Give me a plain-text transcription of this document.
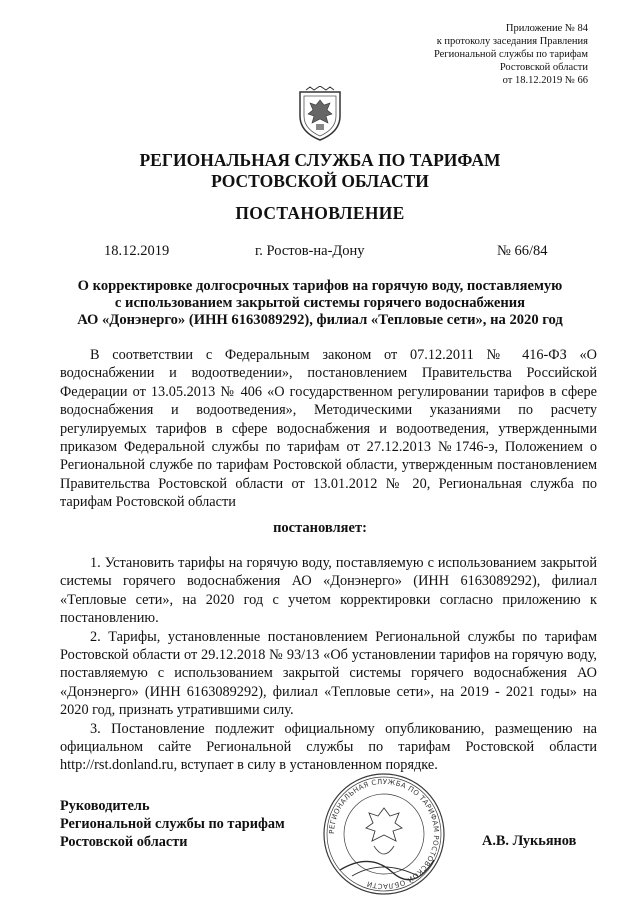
Приложение № 84
к протоколу заседания Правления
Региональной службы по тарифам
Ростовской области
от 18.12.2019 № 66
РЕГИОНАЛЬНАЯ СЛУЖБА ПО ТАРИФАМ
РОСТОВСКОЙ ОБЛАСТИ
ПОСТАНОВЛЕНИЕ
18.12.2019	г. Ростов-на-Дону	№ 66/84
О корректировке долгосрочных тарифов на горячую воду, поставляемую
с использованием закрытой системы горячего водоснабжения
АО «Донэнерго» (ИНН 6163089292), филиал «Тепловые сети», на 2020 год

В соответствии с Федеральным законом от 07.12.2011 № 416-ФЗ «О водоснабжении и водоотведении», постановлением Правительства Российской Федерации от 13.05.2013 № 406 «О государственном регулировании тарифов в сфере водоснабжения и водоотведения», Методическими указаниями по расчету регулируемых тарифов в сфере водоснабжения и водоотведения, утвержденными приказом Федеральной службы по тарифам от 27.12.2013 №1746-э, Положением о Региональной службе по тарифам Ростовской области, утвержденным постановлением Правительства Ростовской области от 13.01.2012 № 20, Региональная служба по тарифам Ростовской области

постановляет:

1. Установить тарифы на горячую воду, поставляемую с использованием закрытой системы горячего водоснабжения АО «Донэнерго» (ИНН 6163089292), филиал «Тепловые сети», на 2020 год с учетом корректировки согласно приложению к постановлению.

2. Тарифы, установленные постановлением Региональной службы по тарифам Ростовской области от 29.12.2018 № 93/13 «Об установлении тарифов на горячую воду, поставляемую с использованием закрытой системы горячего водоснабжения АО «Донэнерго» (ИНН 6163089292), филиал «Тепловые сети», на 2019 - 2021 годы» на 2020 год, признать утратившими силу.

3. Постановление подлежит официальному опубликованию, размещению на официальном сайте Региональной службы по тарифам Ростовской области http://rst.donland.ru, вступает в силу в установленном порядке.

РЕГИОНАЛЬНАЯ СЛУЖБА ПО ТАРИФАМ РОСТОВСКОЙ ОБЛАСТИ
Руководитель
Региональной службы по тарифам
Ростовской области	А.В. Лукьянов
